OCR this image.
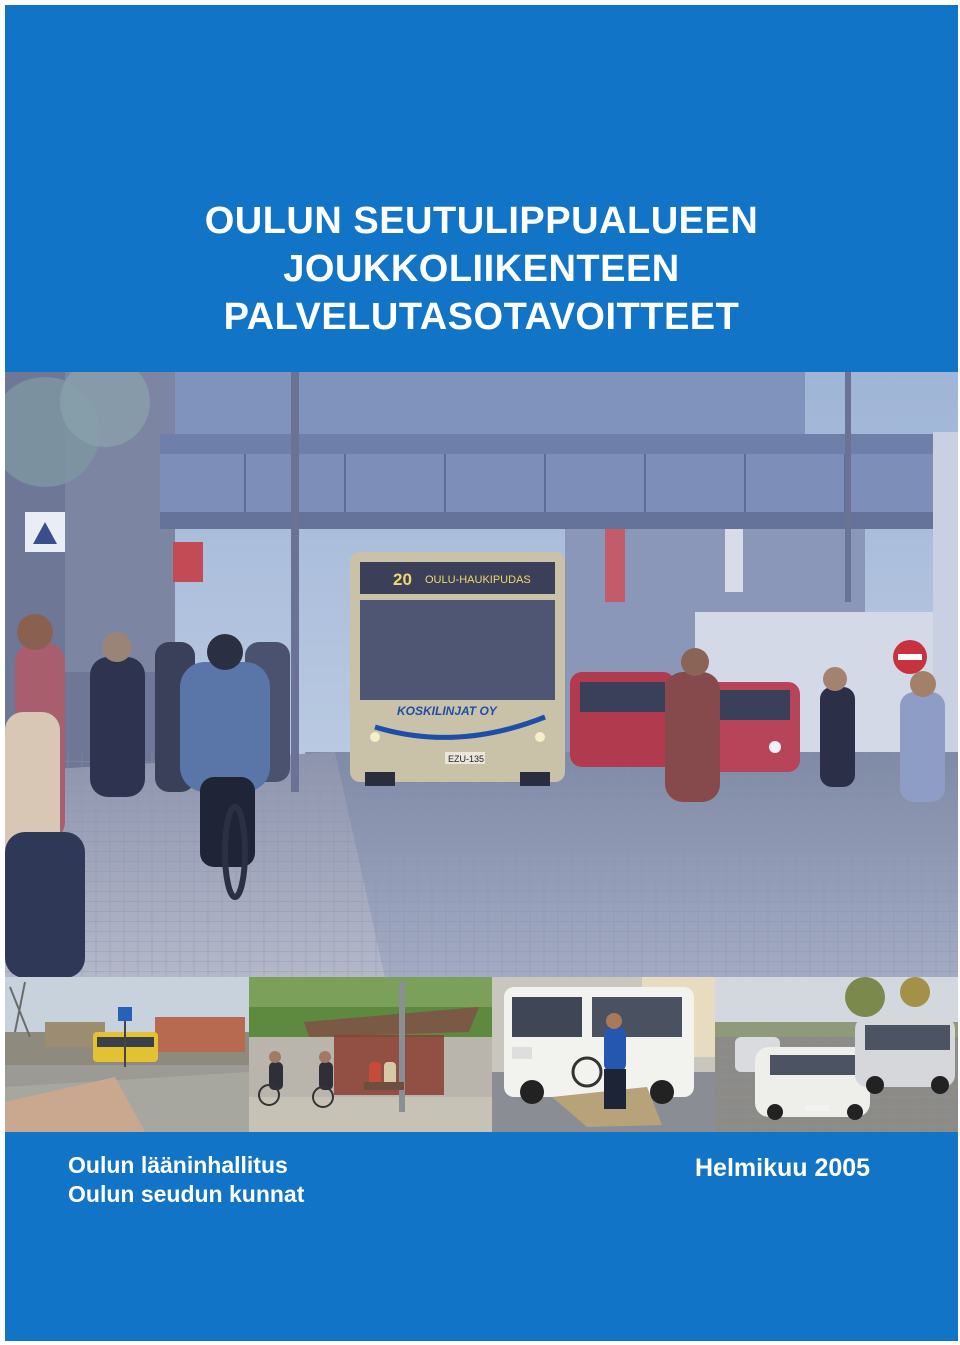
OULUN SEUTULIPPUALUEEN
JOUKKOLIIKENTEEN
PALVELUTASOTAVOITTEET
20 OULU-HAUKIPUDAS
KOSKILINJAT OY
EZU-135
Oulun lääninhallitus
Oulun seudun kunnat
Helmikuu 2005
